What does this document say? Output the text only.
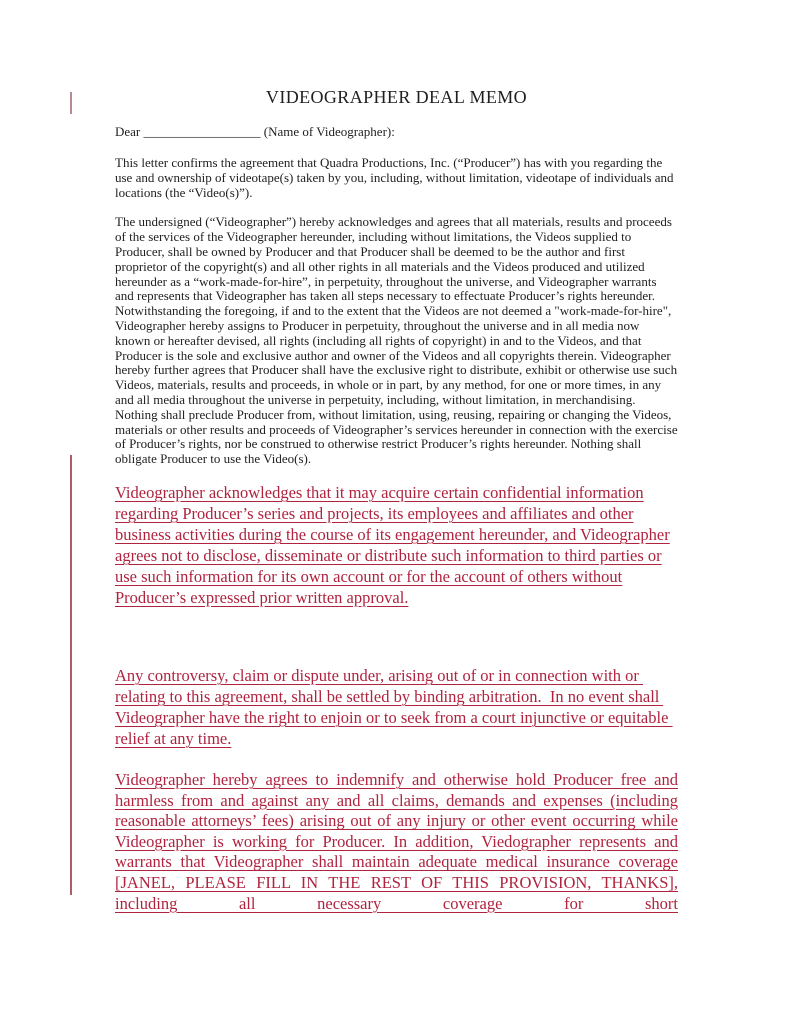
VIDEOGRAPHER DEAL MEMO

Dear __________________ (Name of Videographer):

This letter confirms the agreement that Quadra Productions, Inc. (“Producer”) has with you regarding the use and ownership of videotape(s) taken by you, including, without limitation, videotape of individuals and locations (the “Video(s)”).

The undersigned (“Videographer”) hereby acknowledges and agrees that all materials, results and proceeds of the services of the Videographer hereunder, including without limitations, the Videos supplied to Producer, shall be owned by Producer and that Producer shall be deemed to be the author and first proprietor of the copyright(s) and all other rights in all materials and the Videos produced and utilized hereunder as a “work-made-for-hire”, in perpetuity, throughout the universe, and Videographer warrants and represents that Videographer has taken all steps necessary to effectuate Producer’s rights hereunder. Notwithstanding the foregoing, if and to the extent that the Videos are not deemed a "work-made-for-hire", Videographer hereby assigns to Producer in perpetuity, throughout the universe and in all media now known or hereafter devised, all rights (including all rights of copyright) in and to the Videos, and that Producer is the sole and exclusive author and owner of the Videos and all copyrights therein. Videographer hereby further agrees that Producer shall have the exclusive right to distribute, exhibit or otherwise use such Videos, materials, results and proceeds, in whole or in part, by any method, for one or more times, in any and all media throughout the universe in perpetuity, including, without limitation, in merchandising. Nothing shall preclude Producer from, without limitation, using, reusing, repairing or changing the Videos, materials or other results and proceeds of Videographer’s services hereunder in connection with the exercise of Producer’s rights, nor be construed to otherwise restrict Producer’s rights hereunder. Nothing shall obligate Producer to use the Video(s).

Videographer acknowledges that it may acquire certain confidential information regarding Producer’s series and projects, its employees and affiliates and other business activities during the course of its engagement hereunder, and Videographer agrees not to disclose, disseminate or distribute such information to third parties or use such information for its own account or for the account of others without Producer’s expressed prior written approval.

Any controversy, claim or dispute under, arising out of or in connection with or relating to this agreement, shall be settled by binding arbitration.  In no event shall Videographer have the right to enjoin or to seek from a court injunctive or equitable relief at any time.

Videographer hereby agrees to indemnify and otherwise hold Producer free and harmless from and against any and all claims, demands and expenses (including reasonable attorneys’ fees) arising out of any injury or other event occurring while Videographer is working for Producer. In addition, Viedographer represents and warrants that Videographer shall maintain adequate medical insurance coverage [JANEL, PLEASE FILL IN THE REST OF THIS PROVISION, THANKS], including all necessary coverage for short
